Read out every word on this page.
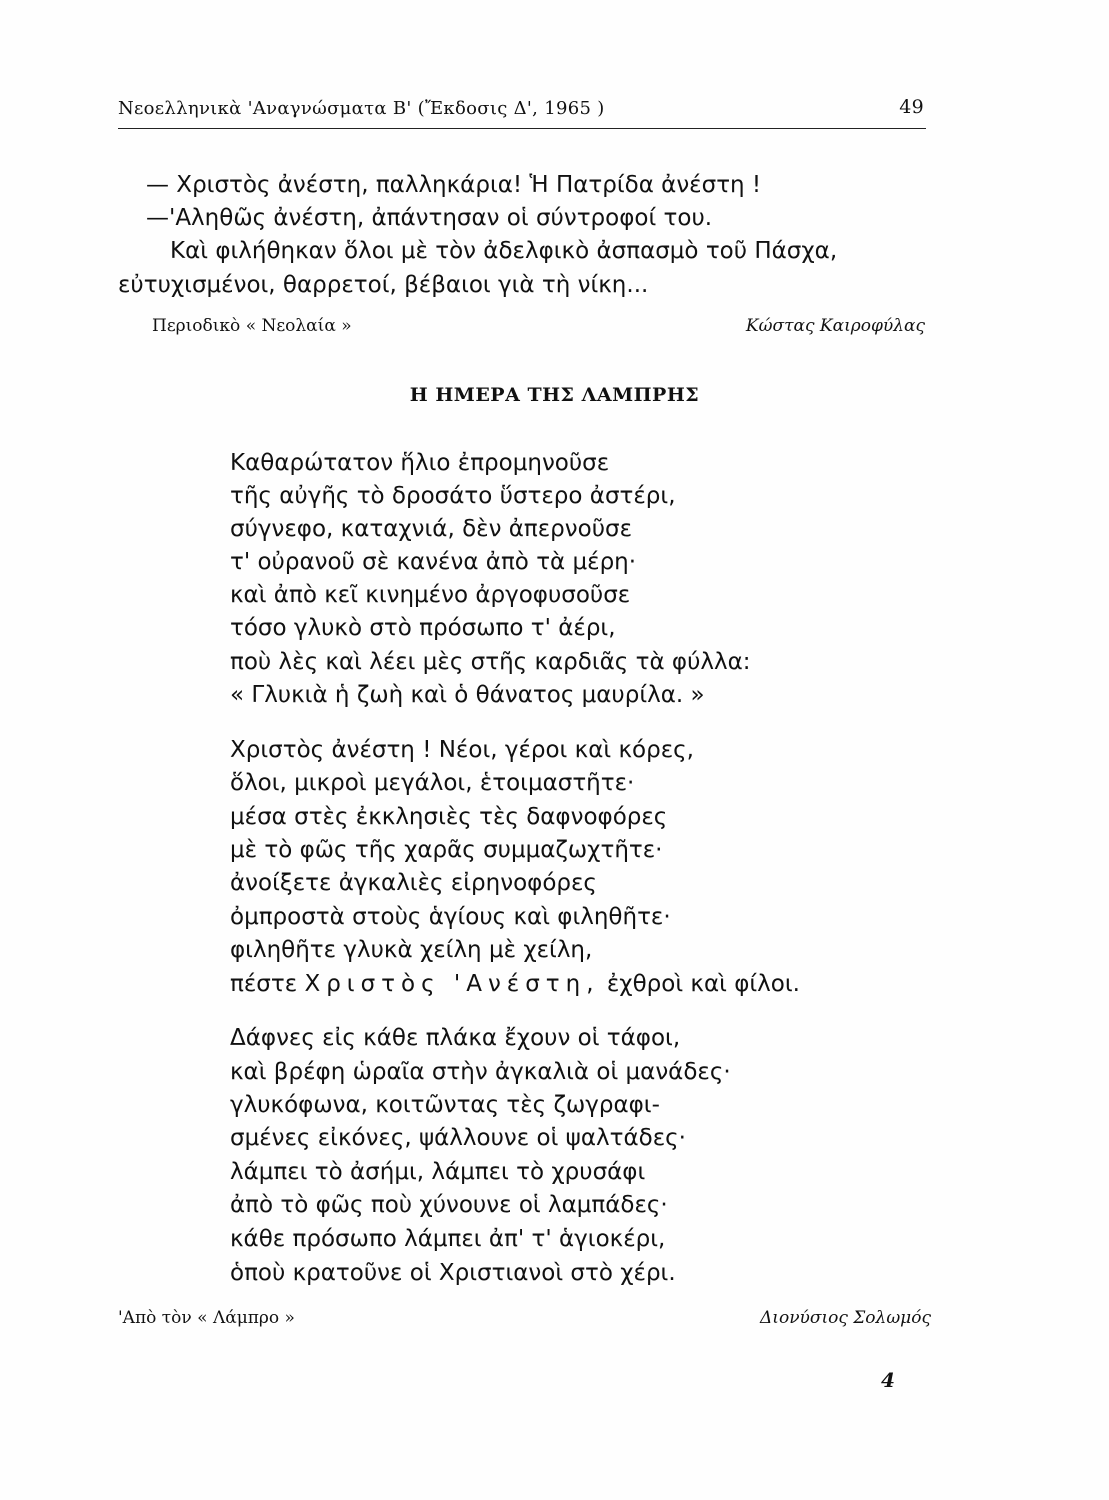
Νεοελληνικὰ 'Αναγνώσματα Β' (Ἔκδοσις Δ', 1965 )	49
— Χριστὸς ἀνέστη, παλληκάρια! Ἡ Πατρίδα ἀνέστη !
—'Αληθῶς ἀνέστη, ἀπάντησαν οἱ σύντροφοί του.
Καὶ φιλήθηκαν ὅλοι μὲ τὸν ἀδελφικὸ ἀσπασμὸ τοῦ Πάσχα,
εὐτυχισμένοι, θαρρετοί, βέβαιοι γιὰ τὴ νίκη...
Περιοδικὸ « Νεολαία »	Κώστας Καιροφύλας
Η ΗΜΕΡΑ ΤΗΣ ΛΑΜΠΡΗΣ
Καθαρώτατον ἥλιο ἐπρομηνοῦσε
τῆς αὐγῆς τὸ δροσάτο ὕστερο ἀστέρι,
σύγνεφο, καταχνιά, δὲν ἀπερνοῦσε
τ' οὐρανοῦ σὲ κανένα ἀπὸ τὰ μέρη·
καὶ ἀπὸ κεῖ κινημένο ἀργοφυσοῦσε
τόσο γλυκὸ στὸ πρόσωπο τ' ἀέρι,
ποὺ λὲς καὶ λέει μὲς στῆς καρδιᾶς τὰ φύλλα:
« Γλυκιὰ ἡ ζωὴ καὶ ὁ θάνατος μαυρίλα. »
Χριστὸς ἀνέστη ! Νέοι, γέροι καὶ κόρες,
ὅλοι, μικροὶ μεγάλοι, ἑτοιμαστῆτε·
μέσα στὲς ἐκκλησιὲς τὲς δαφνοφόρες
μὲ τὸ φῶς τῆς χαρᾶς συμμαζωχτῆτε·
ἀνοίξετε ἀγκαλιὲς εἰρηνοφόρες
ὀμπροστὰ στοὺς ἁγίους καὶ φιληθῆτε·
φιληθῆτε γλυκὰ χείλη μὲ χείλη,
πέστε Χριστὸς 'Ανέστη, ἐχθροὶ καὶ φίλοι.
Δάφνες εἰς κάθε πλάκα ἔχουν οἱ τάφοι,
καὶ βρέφη ὡραῖα στὴν ἀγκαλιὰ οἱ μανάδες·
γλυκόφωνα, κοιτῶντας τὲς ζωγραφι-
σμένες εἰκόνες, ψάλλουνε οἱ ψαλτάδες·
λάμπει τὸ ἀσήμι, λάμπει τὸ χρυσάφι
ἀπὸ τὸ φῶς ποὺ χύνουνε οἱ λαμπάδες·
κάθε πρόσωπο λάμπει ἀπ' τ' ἁγιοκέρι,
ὁποὺ κρατοῦνε οἱ Χριστιανοὶ στὸ χέρι.
'Απὸ τὸν « Λάμπρο »	Διονύσιος Σολωμός
4
